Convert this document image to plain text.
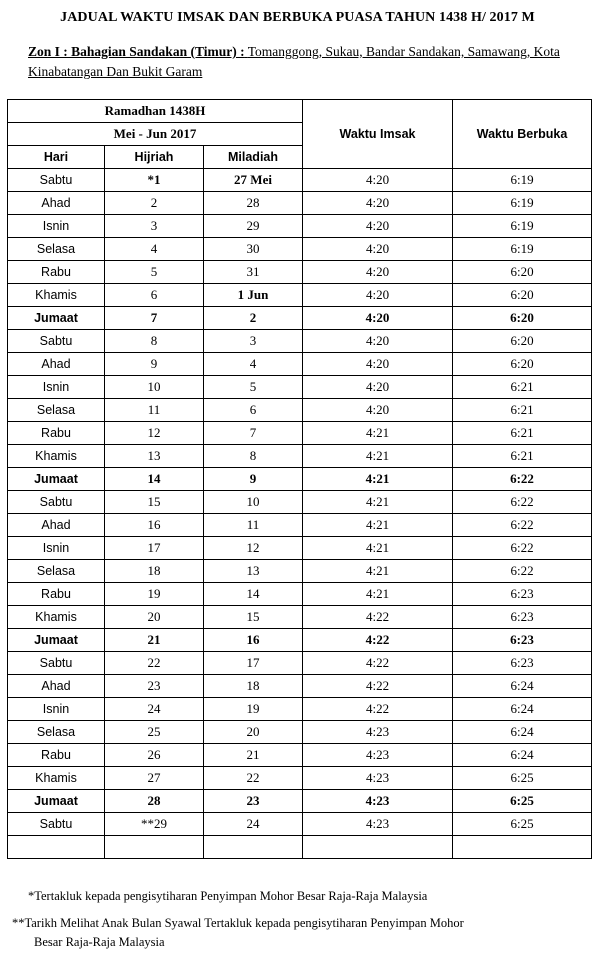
JADUAL WAKTU IMSAK DAN BERBUKA PUASA TAHUN 1438 H/ 2017 M
Zon I : Bahagian Sandakan (Timur) : Tomanggong, Sukau, Bandar Sandakan, Samawang, Kota Kinabatangan Dan Bukit Garam
Ramadhan 1438H			Waktu Imsak	Waktu Berbuka
Mei - Jun 2017				
Hari	Hijriah	Miladiah		
Sabtu	*1	27 Mei	4:20	6:19
Ahad	2	28	4:20	6:19
Isnin	3	29	4:20	6:19
Selasa	4	30	4:20	6:19
Rabu	5	31	4:20	6:20
Khamis	6	1 Jun	4:20	6:20
Jumaat	7	2	4:20	6:20
Sabtu	8	3	4:20	6:20
Ahad	9	4	4:20	6:20
Isnin	10	5	4:20	6:21
Selasa	11	6	4:20	6:21
Rabu	12	7	4:21	6:21
Khamis	13	8	4:21	6:21
Jumaat	14	9	4:21	6:22
Sabtu	15	10	4:21	6:22
Ahad	16	11	4:21	6:22
Isnin	17	12	4:21	6:22
Selasa	18	13	4:21	6:22
Rabu	19	14	4:21	6:23
Khamis	20	15	4:22	6:23
Jumaat	21	16	4:22	6:23
Sabtu	22	17	4:22	6:23
Ahad	23	18	4:22	6:24
Isnin	24	19	4:22	6:24
Selasa	25	20	4:23	6:24
Rabu	26	21	4:23	6:24
Khamis	27	22	4:23	6:25
Jumaat	28	23	4:23	6:25
Sabtu	**29	24	4:23	6:25

*Tertakluk kepada pengisytiharan Penyimpan Mohor Besar Raja-Raja Malaysia
**Tarikh Melihat Anak Bulan Syawal Tertakluk kepada pengisytiharan Penyimpan Mohor
Besar Raja-Raja Malaysia
